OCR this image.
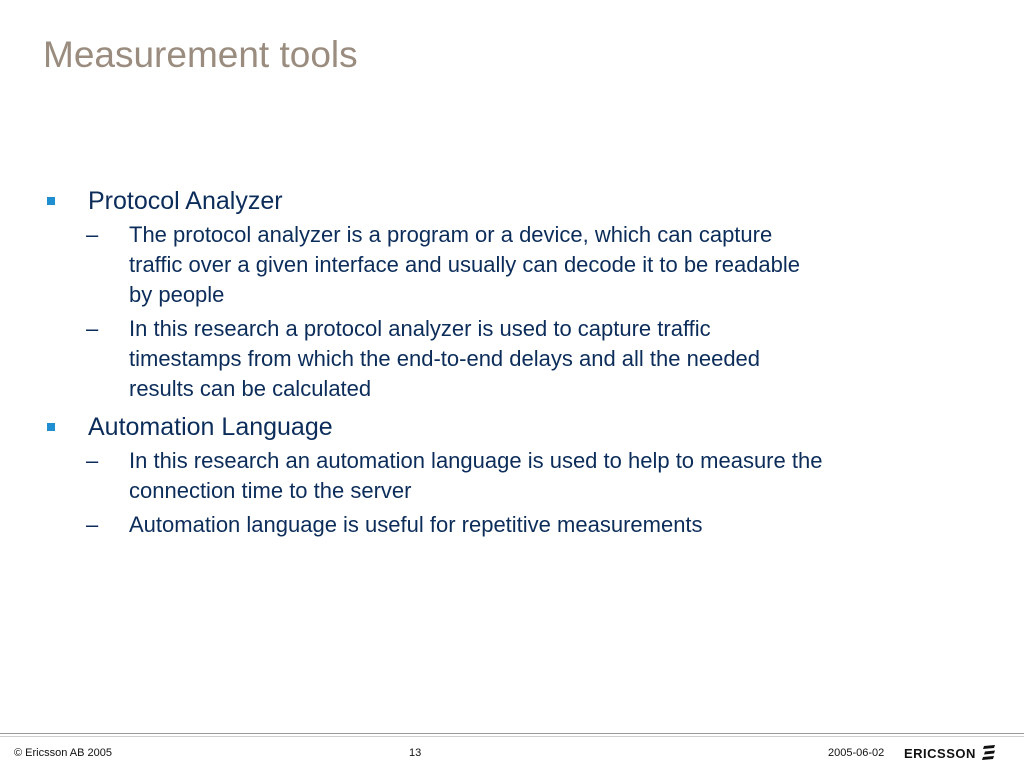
Measurement tools
Protocol Analyzer
– The protocol analyzer is a program or a device, which can capture traffic over a given interface and usually can decode it to be readable by people
– In this research a protocol analyzer is used to capture traffic timestamps from which the end-to-end delays and all the needed results can be calculated
Automation Language
– In this research an automation language is used to help to measure the connection time to the server
– Automation language is useful for repetitive measurements
© Ericsson AB 2005	13	2005-06-02 ERICSSON
